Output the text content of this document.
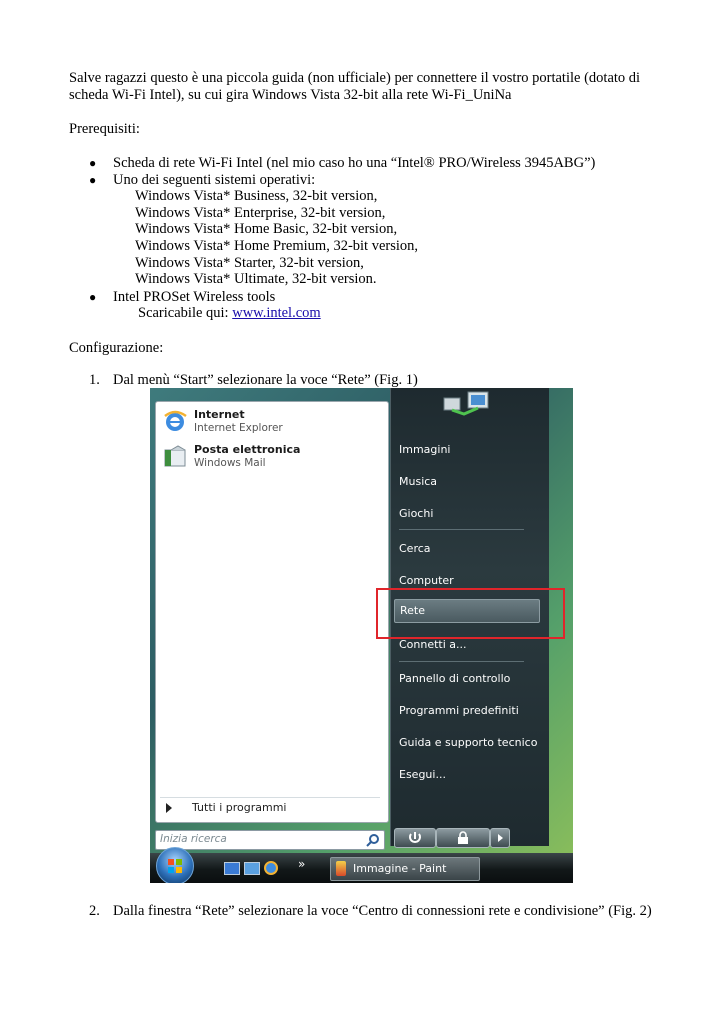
Salve ragazzi questo è una piccola guida (non ufficiale) per connettere il vostro portatile (dotato di

scheda Wi-Fi Intel), su cui gira Windows Vista 32-bit alla rete Wi-Fi_UniNa

Prerequisiti:

● Scheda di rete Wi-Fi Intel (nel mio caso ho una “Intel® PRO/Wireless 3945ABG”)
● Uno dei seguenti sistemi operativi:
Windows Vista* Business, 32-bit version,
Windows Vista* Enterprise, 32-bit version,
Windows Vista* Home Basic, 32-bit version,
Windows Vista* Home Premium, 32-bit version,
Windows Vista* Starter, 32-bit version,
Windows Vista* Ultimate, 32-bit version.
● Intel PROSet Wireless tools
Scaricabile qui: www.intel.com

Configurazione:

1. Dal menù “Start” selezionare la voce “Rete” (Fig. 1)
Internet
Internet Explorer
Posta elettronica
Windows Mail
Tutti i programmi
Inizia ricerca
Immagini
Musica
Giochi
Cerca
Computer
Rete
Connetti a...
Pannello di controllo
Programmi predefiniti
Guida e supporto tecnico
Esegui...
»	Immagine - Paint
2. Dalla finestra “Rete” selezionare la voce “Centro di connessioni rete e condivisione” (Fig. 2)
